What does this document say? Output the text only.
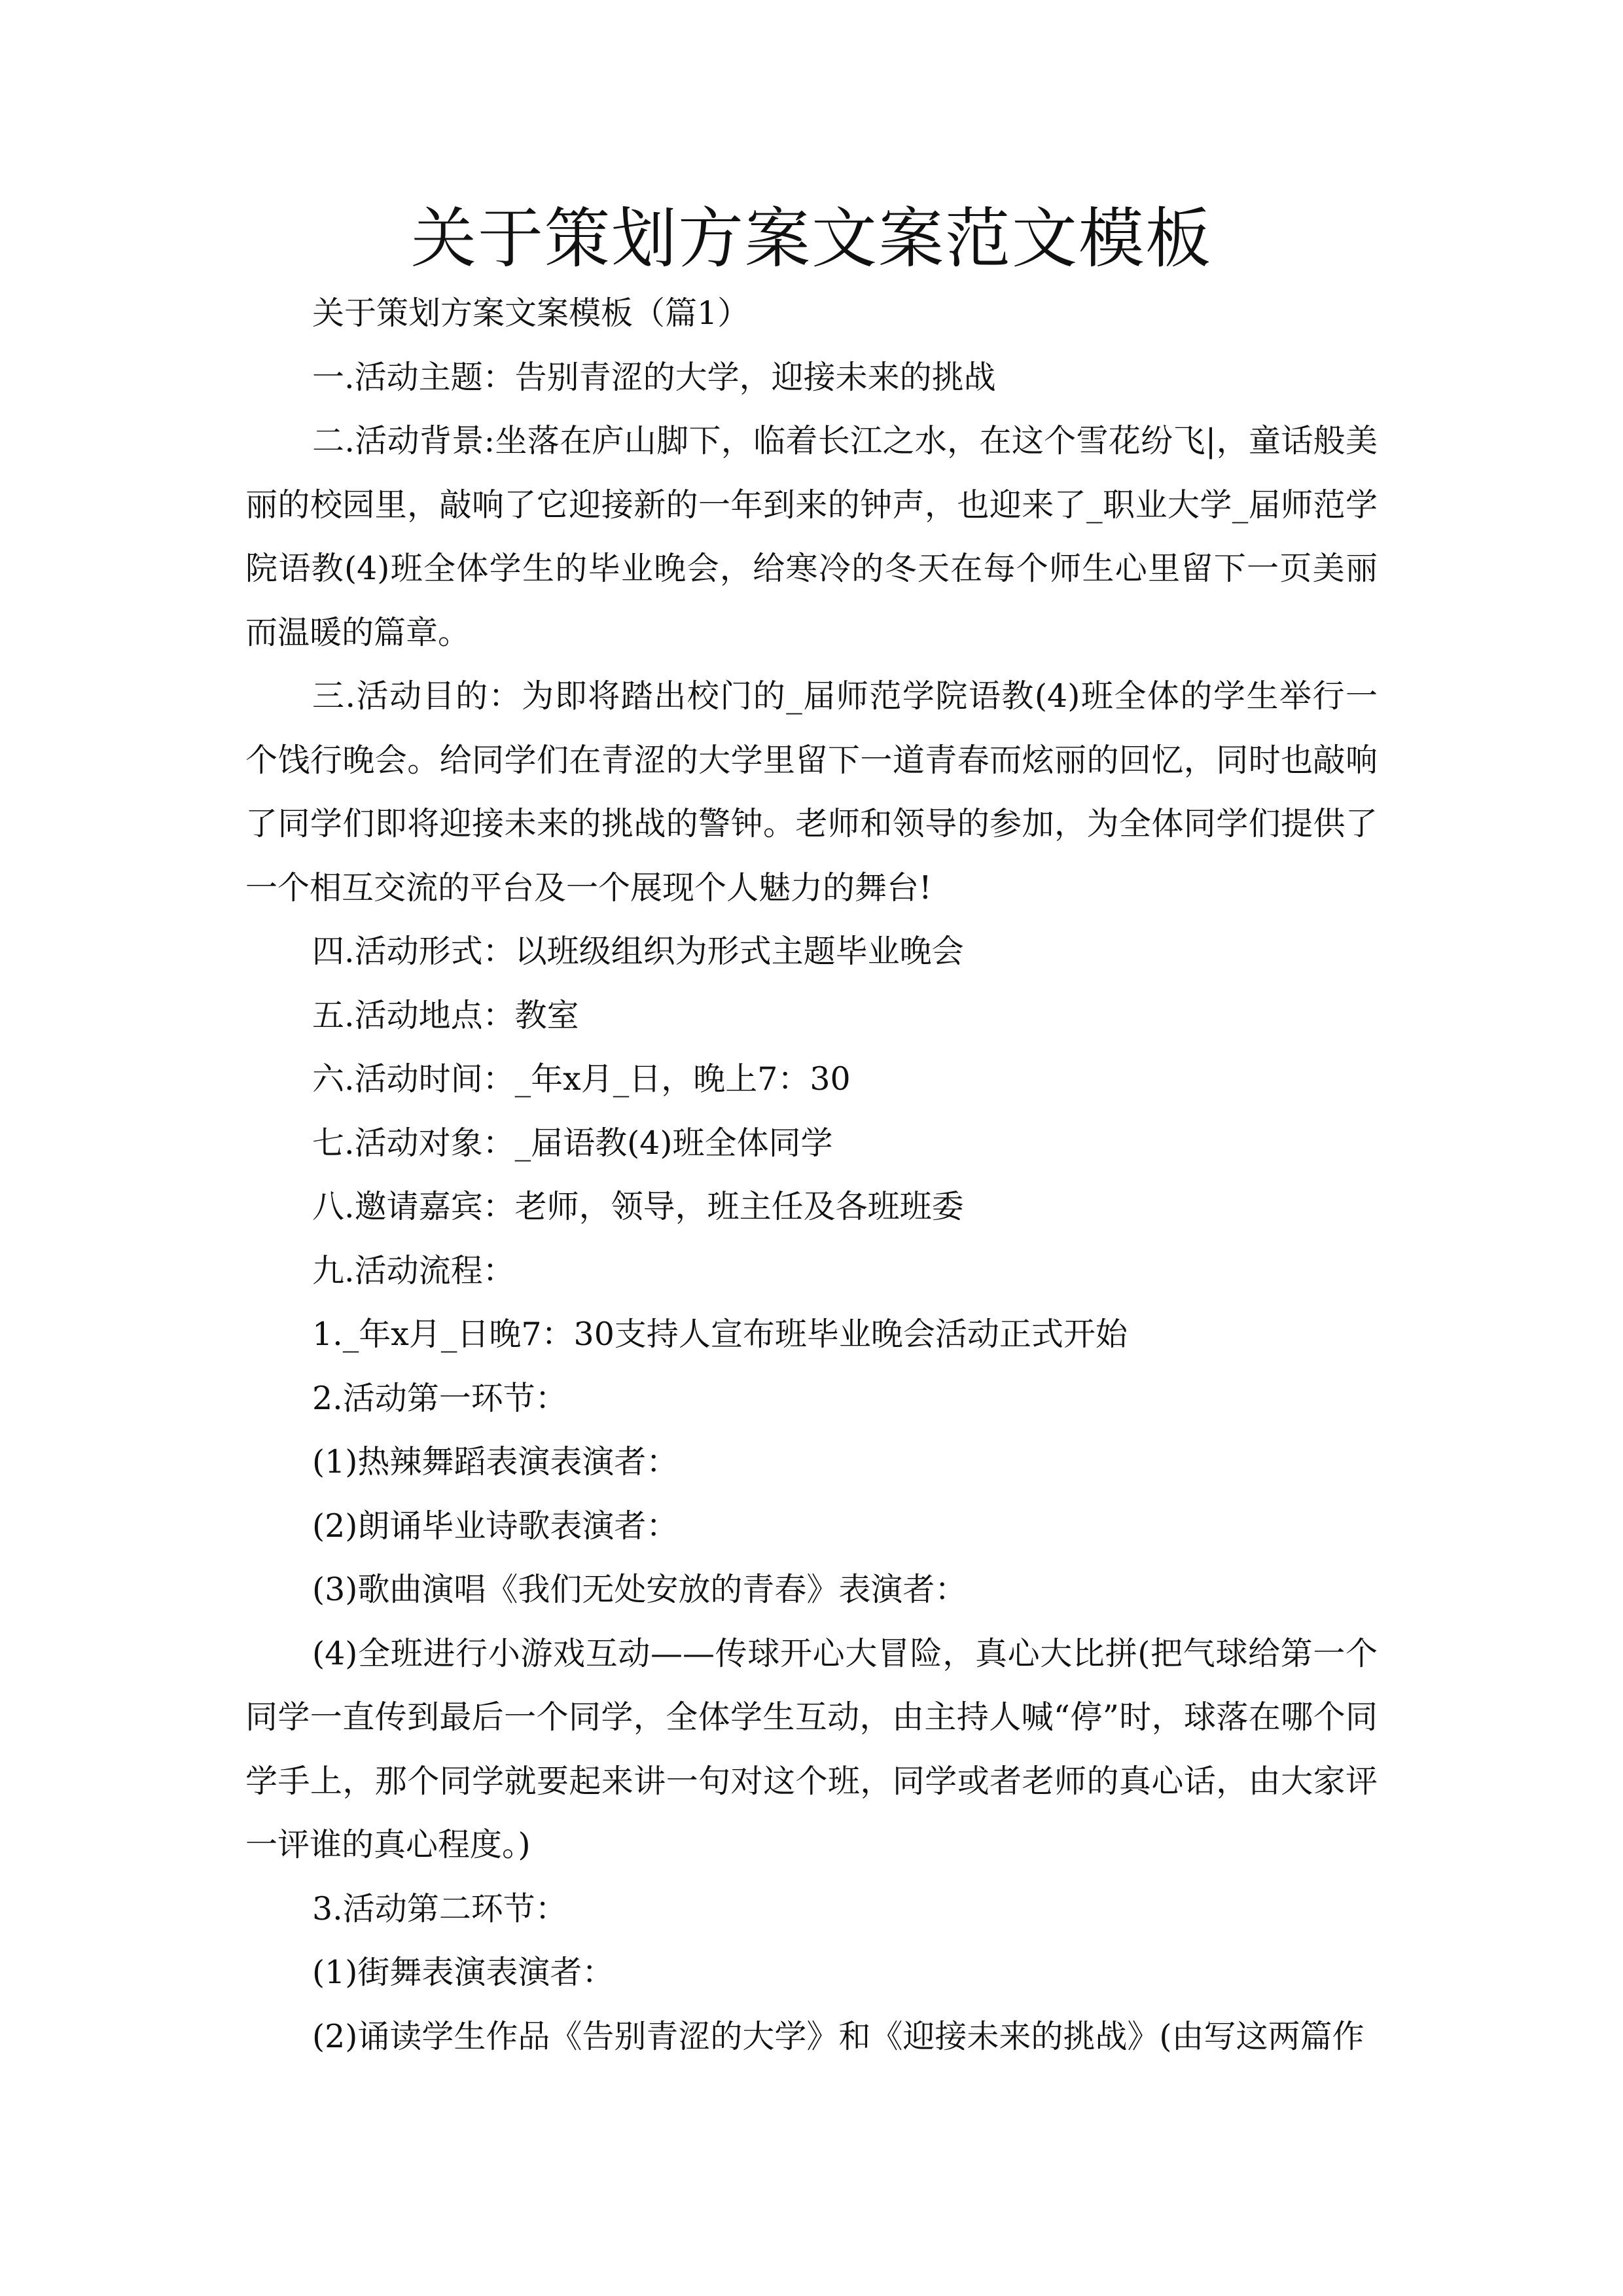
关于策划方案文案范文模板

关于策划方案文案模板（篇1）

一.活动主题：告别青涩的大学，迎接未来的挑战

二.活动背景:坐落在庐山脚下，临着长江之水，在这个雪花纷飞|，童话般美丽的校园里，敲响了它迎接新的一年到来的钟声，也迎来了_职业大学_届师范学院语教(4)班全体学生的毕业晚会，给寒冷的冬天在每个师生心里留下一页美丽而温暖的篇章。

三.活动目的：为即将踏出校门的_届师范学院语教(4)班全体的学生举行一个饯行晚会。给同学们在青涩的大学里留下一道青春而炫丽的回忆，同时也敲响了同学们即将迎接未来的挑战的警钟。老师和领导的参加，为全体同学们提供了一个相互交流的平台及一个展现个人魅力的舞台!

四.活动形式：以班级组织为形式主题毕业晚会

五.活动地点：教室

六.活动时间：_年x月_日，晚上7：30

七.活动对象：_届语教(4)班全体同学

八.邀请嘉宾：老师，领导，班主任及各班班委

九.活动流程：

1._年x月_日晚7：30支持人宣布班毕业晚会活动正式开始

2.活动第一环节：

(1)热辣舞蹈表演表演者：

(2)朗诵毕业诗歌表演者：

(3)歌曲演唱《我们无处安放的青春》表演者：

(4)全班进行小游戏互动——传球开心大冒险，真心大比拼(把气球给第一个同学一直传到最后一个同学，全体学生互动，由主持人喊“停”时，球落在哪个同学手上，那个同学就要起来讲一句对这个班，同学或者老师的真心话，由大家评一评谁的真心程度。)

3.活动第二环节：

(1)街舞表演表演者：

(2)诵读学生作品《告别青涩的大学》和《迎接未来的挑战》(由写这两篇作
